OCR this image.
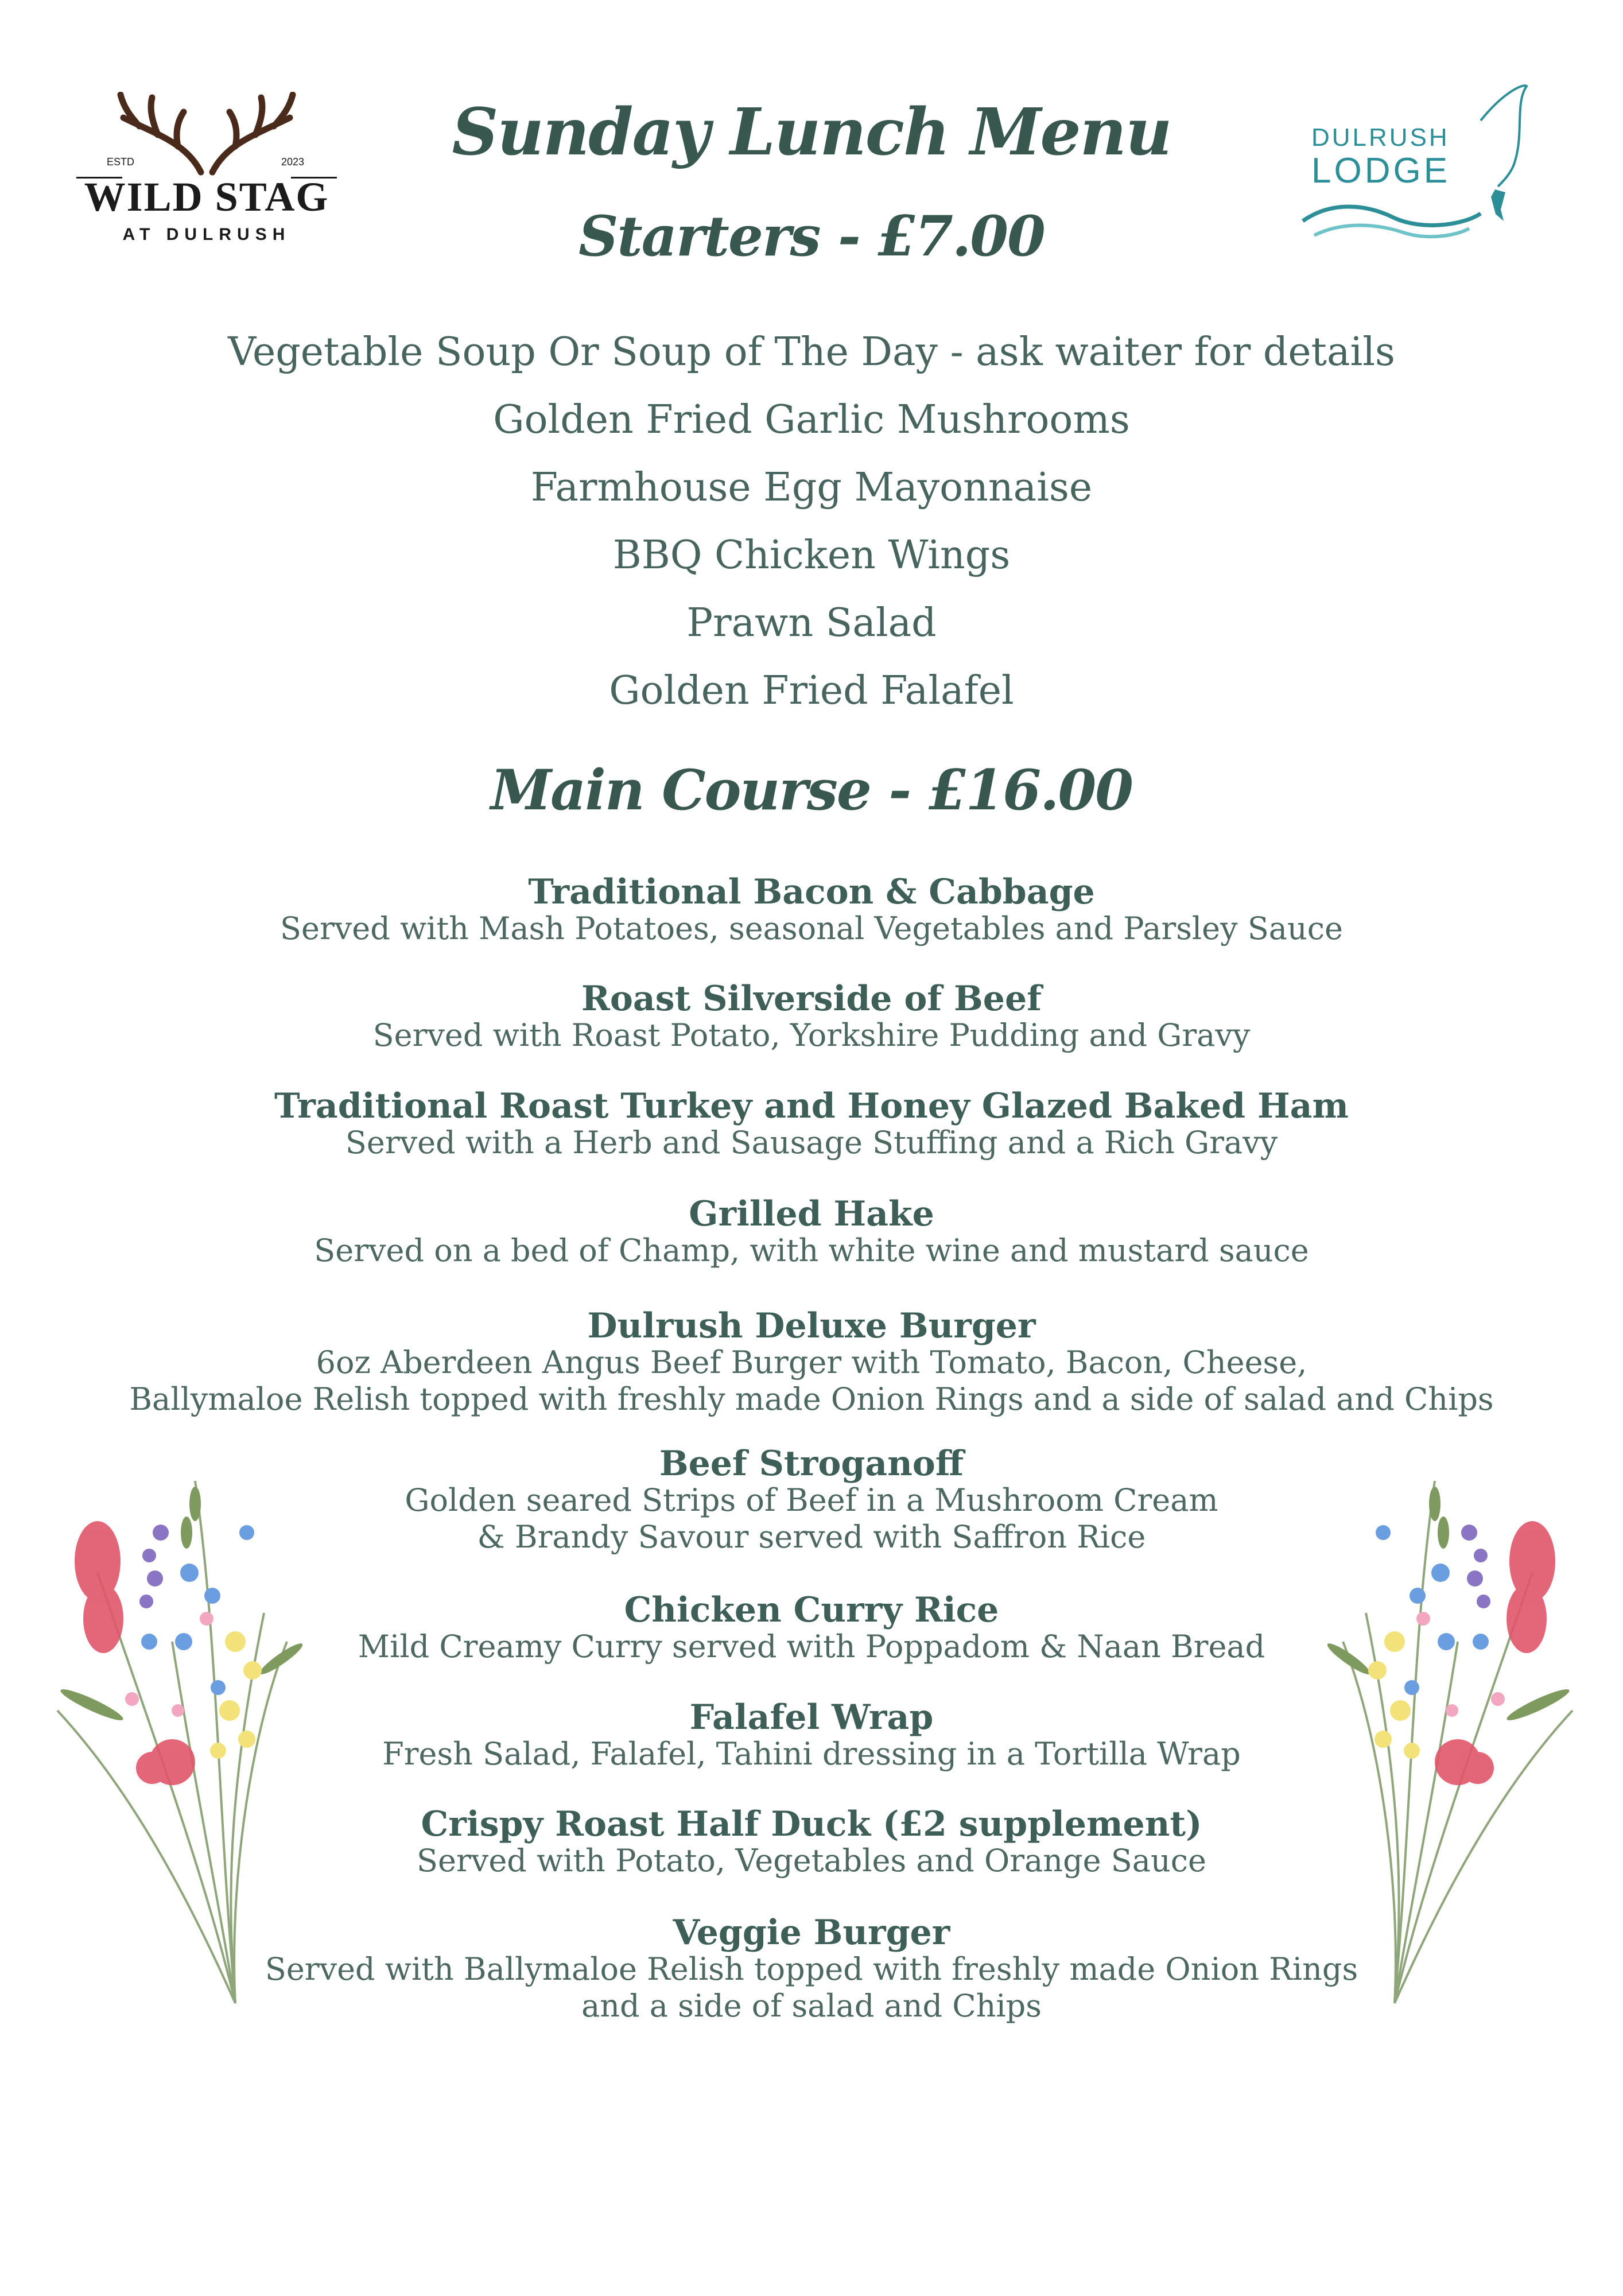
Sunday Lunch Menu
Starters - £7.00
ESTD	2023
WILD STAG
AT DULRUSH
DULRUSH
LODGE
Vegetable Soup Or Soup of The Day - ask waiter for details
Golden Fried Garlic Mushrooms
Farmhouse Egg Mayonnaise
BBQ Chicken Wings
Prawn Salad
Golden Fried Falafel
Main Course - £16.00
Traditional Bacon & Cabbage
Served with Mash Potatoes, seasonal Vegetables and Parsley Sauce
Roast Silverside of Beef
Served with Roast Potato, Yorkshire Pudding and Gravy
Traditional Roast Turkey and Honey Glazed Baked Ham
Served with a Herb and Sausage Stuffing and a Rich Gravy
Grilled Hake
Served on a bed of Champ, with white wine and mustard sauce
Dulrush Deluxe Burger
6oz Aberdeen Angus Beef Burger with Tomato, Bacon, Cheese,
Ballymaloe Relish topped with freshly made Onion Rings and a side of salad and Chips
Beef Stroganoff
Golden seared Strips of Beef in a Mushroom Cream
& Brandy Savour served with Saffron Rice
Chicken Curry Rice
Mild Creamy Curry served with Poppadom & Naan Bread
Falafel Wrap
Fresh Salad, Falafel, Tahini dressing in a Tortilla Wrap
Crispy Roast Half Duck (£2 supplement)
Served with Potato, Vegetables and Orange Sauce
Veggie Burger
Served with Ballymaloe Relish topped with freshly made Onion Rings
and a side of salad and Chips
